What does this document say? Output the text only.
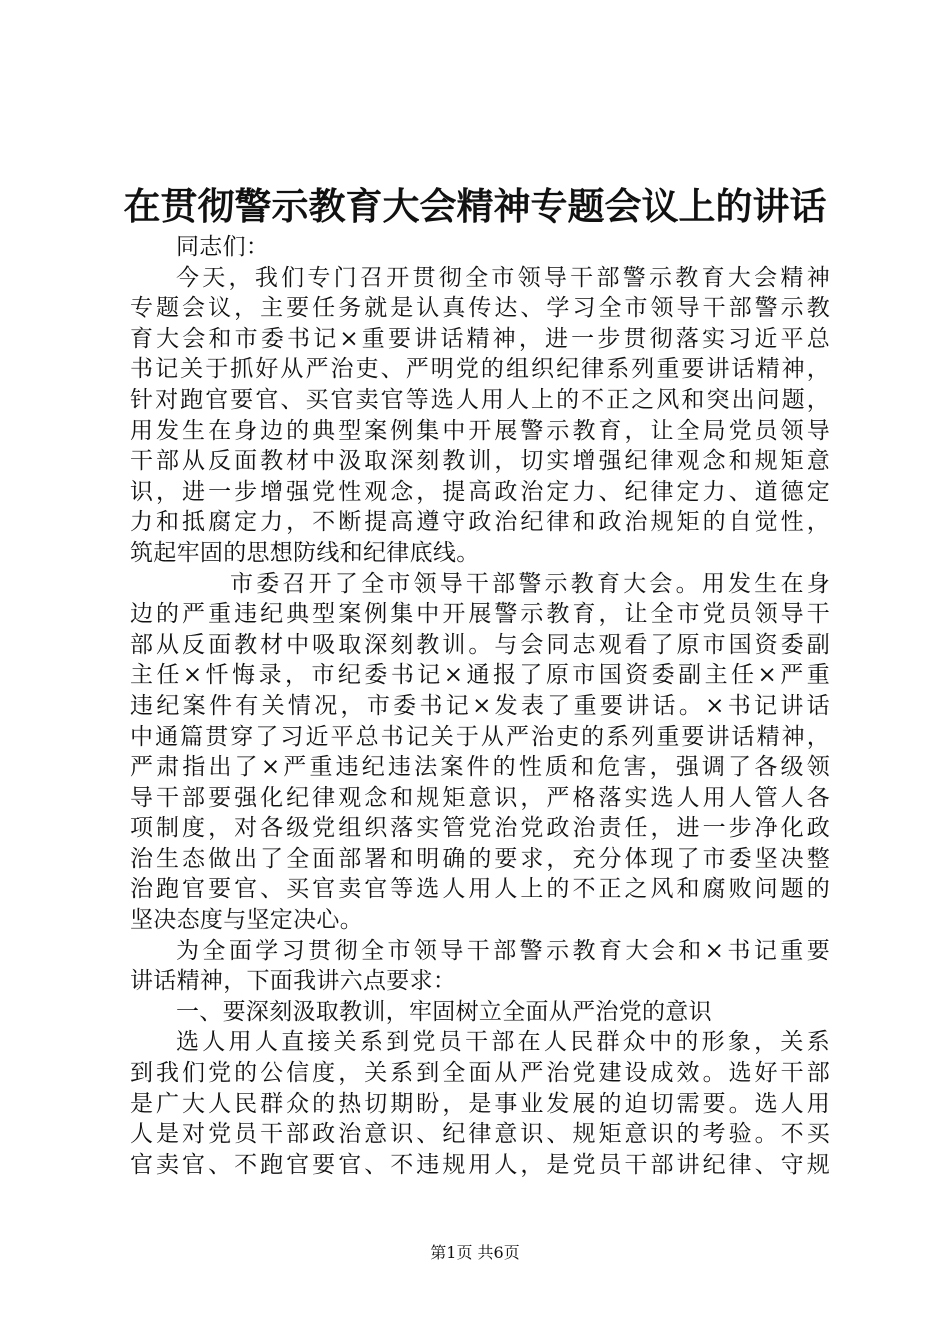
在贯彻警示教育大会精神专题会议上的讲话
同志们：
今天，我们专门召开贯彻全市领导干部警示教育大会精神
专题会议，主要任务就是认真传达、学习全市领导干部警示教
育大会和市委书记×重要讲话精神，进一步贯彻落实习近平总
书记关于抓好从严治吏、严明党的组织纪律系列重要讲话精神，
针对跑官要官、买官卖官等选人用人上的不正之风和突出问题，
用发生在身边的典型案例集中开展警示教育，让全局党员领导
干部从反面教材中汲取深刻教训，切实增强纪律观念和规矩意
识，进一步增强党性观念，提高政治定力、纪律定力、道德定
力和抵腐定力，不断提高遵守政治纪律和政治规矩的自觉性，
筑起牢固的思想防线和纪律底线。
市委召开了全市领导干部警示教育大会。用发生在身
边的严重违纪典型案例集中开展警示教育，让全市党员领导干
部从反面教材中吸取深刻教训。与会同志观看了原市国资委副
主任×忏悔录，市纪委书记×通报了原市国资委副主任×严重
违纪案件有关情况，市委书记×发表了重要讲话。×书记讲话
中通篇贯穿了习近平总书记关于从严治吏的系列重要讲话精神，
严肃指出了×严重违纪违法案件的性质和危害，强调了各级领
导干部要强化纪律观念和规矩意识，严格落实选人用人管人各
项制度，对各级党组织落实管党治党政治责任，进一步净化政
治生态做出了全面部署和明确的要求，充分体现了市委坚决整
治跑官要官、买官卖官等选人用人上的不正之风和腐败问题的
坚决态度与坚定决心。
为全面学习贯彻全市领导干部警示教育大会和×书记重要
讲话精神，下面我讲六点要求：
一、要深刻汲取教训，牢固树立全面从严治党的意识
选人用人直接关系到党员干部在人民群众中的形象，关系
到我们党的公信度，关系到全面从严治党建设成效。选好干部
是广大人民群众的热切期盼，是事业发展的迫切需要。选人用
人是对党员干部政治意识、纪律意识、规矩意识的考验。不买
官卖官、不跑官要官、不违规用人，是党员干部讲纪律、守规
第1页 共6页
